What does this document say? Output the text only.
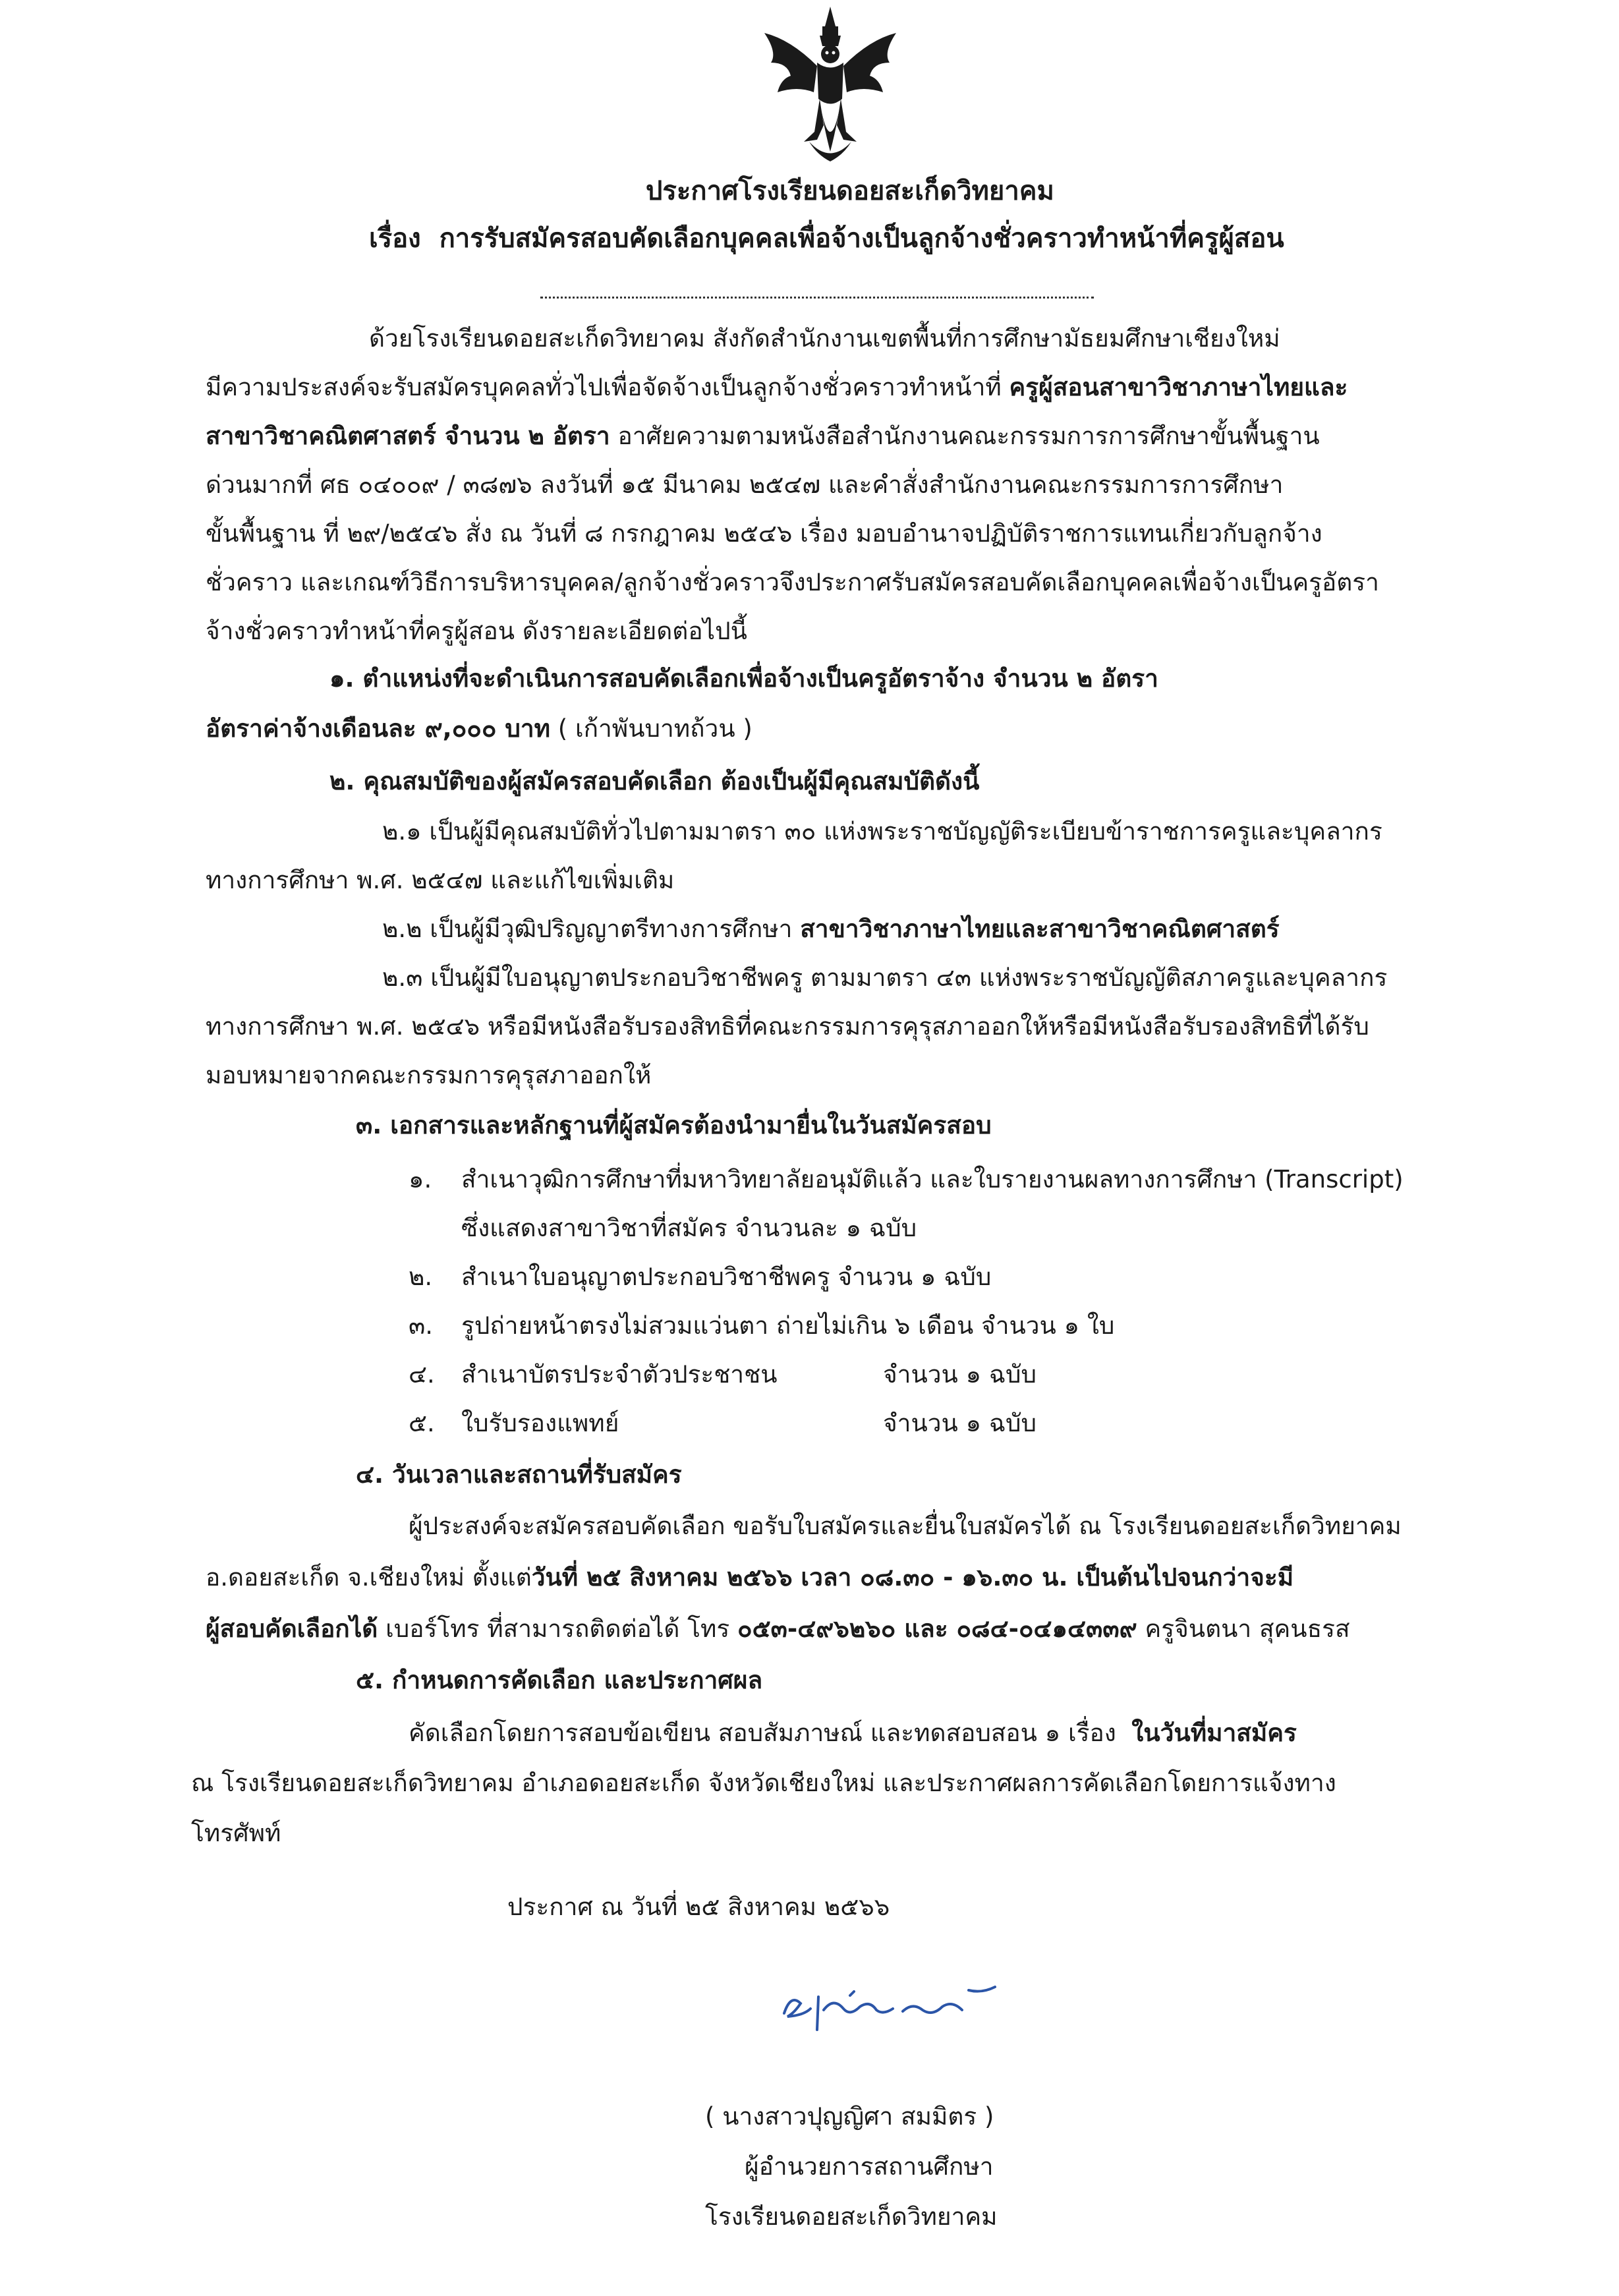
ประกาศโรงเรียนดอยสะเก็ดวิทยาคม
เรื่อง การรับสมัครสอบคัดเลือกบุคคลเพื่อจ้างเป็นลูกจ้างชั่วคราวทำหน้าที่ครูผู้สอน
ด้วยโรงเรียนดอยสะเก็ดวิทยาคม สังกัดสำนักงานเขตพื้นที่การศึกษามัธยมศึกษาเชียงใหม่
มีความประสงค์จะรับสมัครบุคคลทั่วไปเพื่อจัดจ้างเป็นลูกจ้างชั่วคราวทำหน้าที่ ครูผู้สอนสาขาวิชาภาษาไทยและ
สาขาวิชาคณิตศาสตร์ จำนวน ๒ อัตรา อาศัยความตามหนังสือสำนักงานคณะกรรมการการศึกษาขั้นพื้นฐาน
ด่วนมากที่ ศธ ๐๔๐๐๙ / ๓๘๗๖ ลงวันที่ ๑๕ มีนาคม ๒๕๔๗ และคำสั่งสำนักงานคณะกรรมการการศึกษา
ขั้นพื้นฐาน ที่ ๒๙/๒๕๔๖ สั่ง ณ วันที่ ๘ กรกฎาคม ๒๕๔๖ เรื่อง มอบอำนาจปฏิบัติราชการแทนเกี่ยวกับลูกจ้าง
ชั่วคราว และเกณฑ์วิธีการบริหารบุคคล/ลูกจ้างชั่วคราวจึงประกาศรับสมัครสอบคัดเลือกบุคคลเพื่อจ้างเป็นครูอัตรา
จ้างชั่วคราวทำหน้าที่ครูผู้สอน ดังรายละเอียดต่อไปนี้
๑. ตำแหน่งที่จะดำเนินการสอบคัดเลือกเพื่อจ้างเป็นครูอัตราจ้าง จำนวน ๒ อัตรา
อัตราค่าจ้างเดือนละ ๙,๐๐๐ บาท ( เก้าพันบาทถ้วน )
๒. คุณสมบัติของผู้สมัครสอบคัดเลือก ต้องเป็นผู้มีคุณสมบัติดังนี้
๒.๑ เป็นผู้มีคุณสมบัติทั่วไปตามมาตรา ๓๐ แห่งพระราชบัญญัติระเบียบข้าราชการครูและบุคลากร
ทางการศึกษา พ.ศ. ๒๕๔๗ และแก้ไขเพิ่มเติม
๒.๒ เป็นผู้มีวุฒิปริญญาตรีทางการศึกษา สาขาวิชาภาษาไทยและสาขาวิชาคณิตศาสตร์
๒.๓ เป็นผู้มีใบอนุญาตประกอบวิชาชีพครู ตามมาตรา ๔๓ แห่งพระราชบัญญัติสภาครูและบุคลากร
ทางการศึกษา พ.ศ. ๒๕๔๖ หรือมีหนังสือรับรองสิทธิที่คณะกรรมการคุรุสภาออกให้หรือมีหนังสือรับรองสิทธิที่ได้รับ
มอบหมายจากคณะกรรมการคุรุสภาออกให้
๓. เอกสารและหลักฐานที่ผู้สมัครต้องนำมายื่นในวันสมัครสอบ
๑. สำเนาวุฒิการศึกษาที่มหาวิทยาลัยอนุมัติแล้ว และใบรายงานผลทางการศึกษา (Transcript)
ซึ่งแสดงสาขาวิชาที่สมัคร จำนวนละ ๑ ฉบับ
๒. สำเนาใบอนุญาตประกอบวิชาชีพครู จำนวน ๑ ฉบับ
๓. รูปถ่ายหน้าตรงไม่สวมแว่นตา ถ่ายไม่เกิน ๖ เดือน จำนวน ๑ ใบ
๔. สำเนาบัตรประจำตัวประชาชน	จำนวน ๑ ฉบับ
๕. ใบรับรองแพทย์	จำนวน ๑ ฉบับ
๔. วันเวลาและสถานที่รับสมัคร
ผู้ประสงค์จะสมัครสอบคัดเลือก ขอรับใบสมัครและยื่นใบสมัครได้ ณ โรงเรียนดอยสะเก็ดวิทยาคม
อ.ดอยสะเก็ด จ.เชียงใหม่ ตั้งแต่วันที่ ๒๕ สิงหาคม ๒๕๖๖ เวลา ๐๘.๓๐ - ๑๖.๓๐ น. เป็นต้นไปจนกว่าจะมี
ผู้สอบคัดเลือกได้ เบอร์โทร ที่สามารถติดต่อได้ โทร ๐๕๓-๔๙๖๒๖๐ และ ๐๘๔-๐๔๑๔๓๓๙ ครูจินตนา สุคนธรส
๕. กำหนดการคัดเลือก และประกาศผล
คัดเลือกโดยการสอบข้อเขียน สอบสัมภาษณ์ และทดสอบสอน ๑ เรื่อง ในวันที่มาสมัคร
ณ โรงเรียนดอยสะเก็ดวิทยาคม อำเภอดอยสะเก็ด จังหวัดเชียงใหม่ และประกาศผลการคัดเลือกโดยการแจ้งทาง
โทรศัพท์
ประกาศ ณ วันที่ ๒๕ สิงหาคม ๒๕๖๖
( นางสาวปุญญิศา สมมิตร )
ผู้อำนวยการสถานศึกษา
โรงเรียนดอยสะเก็ดวิทยาคม
